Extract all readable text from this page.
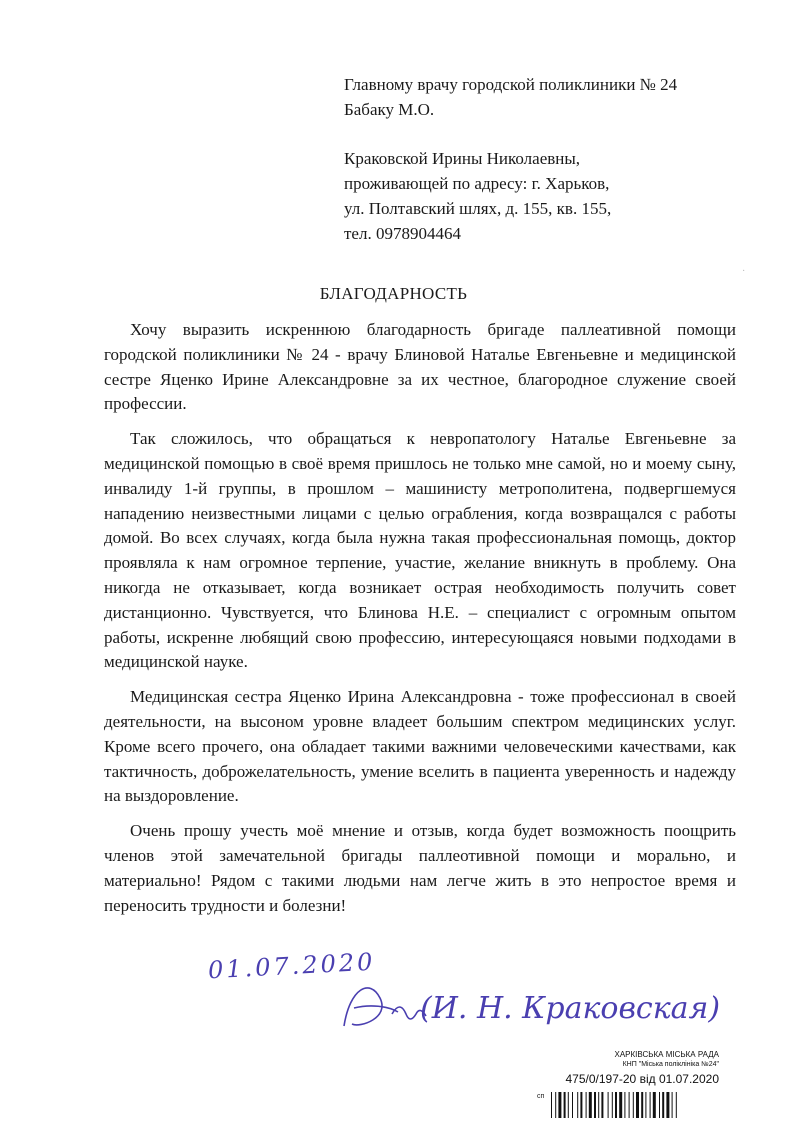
Главному врачу городской поликлиники № 24
Бабаку М.О.
Краковской Ирины Николаевны,
проживающей по адресу: г. Харьков,
ул. Полтавский шлях, д. 155, кв. 155,
тел. 0978904464
БЛАГОДАРНОСТЬ

Хочу выразить искреннюю благодарность бригаде паллеативной помощи городской поликлиники № 24 - врачу Блиновой Наталье Евгеньевне и медицинской сестре Яценко Ирине Александровне за их честное, благородное служение своей профессии.

Так сложилось, что обращаться к невропатологу Наталье Евгеньевне за медицинской помощью в своё время пришлось не только мне самой, но и моему сыну, инвалиду 1-й группы, в прошлом – машинисту метрополитена, подвергшемуся нападению неизвестными лицами с целью ограбления, когда возвращался с работы домой. Во всех случаях, когда была нужна такая профессиональная помощь, доктор проявляла к нам огромное терпение, участие, желание вникнуть в проблему. Она никогда не отказывает, когда возникает острая необходимость получить совет дистанционно. Чувствуется, что Блинова Н.Е. – специалист с огромным опытом работы, искренне любящий свою профессию, интересующаяся новыми подходами в медицинской науке.

Медицинская сестра Яценко Ирина Александровна - тоже профессионал в своей деятельности, на высоном уровне владеет большим спектром медицинских услуг. Кроме всего прочего, она обладает такими важними человеческими качествами, как тактичность, доброжелательность, умение вселить в пациента уверенность и надежду на выздоровление.

Очень прошу учесть моё мнение и отзыв, когда будет возможность поощрить членов этой замечательной бригады паллеотивной помощи и морально, и материально! Рядом с такими людьми нам легче жить в это непростое время и переносить трудности и болезни!

01.07.2020
(И. Н. Краковская)
ХАРКІВСЬКА МІСЬКА РАДА
КНП "Міська поліклініка №24"
475/0/197-20 від 01.07.2020
сп
·
